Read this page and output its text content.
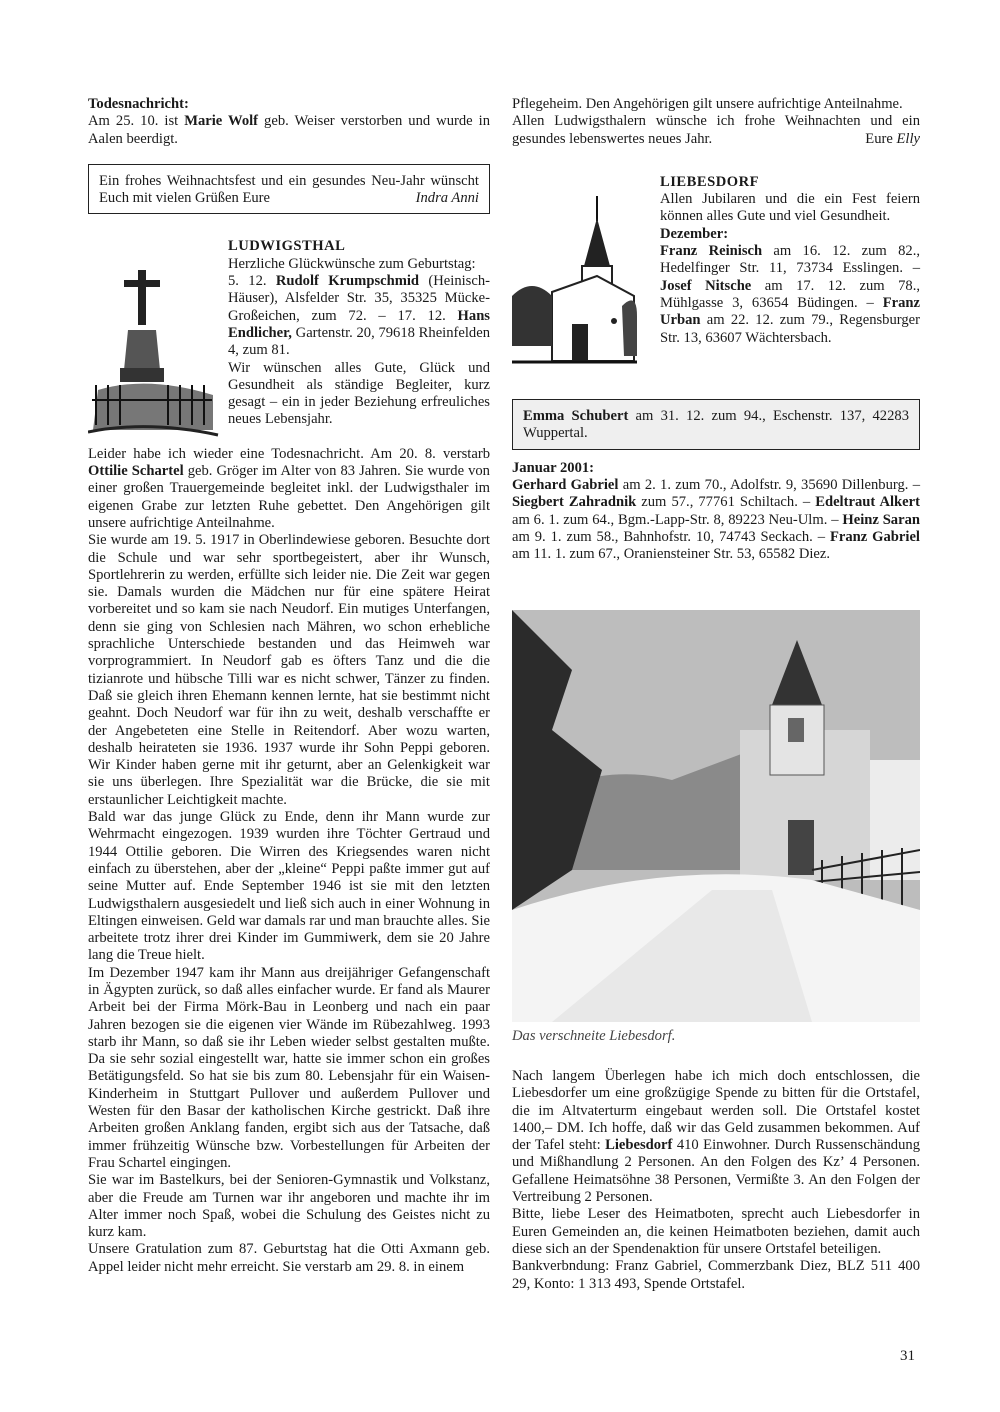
Todesnachricht:

Am 25. 10. ist Marie Wolf geb. Weiser verstorben und wurde in Aalen beerdigt.

Ein frohes Weihnachtsfest und ein gesundes Neu-Jahr wünscht Euch mit vielen Grüßen Eure	Indra Anni

LUDWIGSTHAL

Herzliche Glückwünsche zum Geburtstag:

5. 12. Rudolf Krumpschmid (Heinisch-Häuser), Alsfelder Str. 35, 35325 Mücke-Großeichen, zum 72. – 17. 12. Hans Endlicher, Gartenstr. 20, 79618 Rheinfelden 4, zum 81.

Wir wünschen alles Gute, Glück und Gesundheit als ständige Begleiter, kurz gesagt – ein in jeder Beziehung erfreuliches neues Lebensjahr.

Leider habe ich wieder eine Todesnachricht. Am 20. 8. verstarb Ottilie Schartel geb. Gröger im Alter von 83 Jahren. Sie wurde von einer großen Trauergemeinde begleitet inkl. der Ludwigsthaler im eigenen Grabe zur letzten Ruhe gebettet. Den Angehörigen gilt unsere aufrichtige Anteilnahme.

Sie wurde am 19. 5. 1917 in Oberlindewiese geboren. Besuchte dort die Schule und war sehr sportbegeistert, aber ihr Wunsch, Sportlehrerin zu werden, erfüllte sich leider nie. Die Zeit war gegen sie. Damals wurden die Mädchen nur für eine spätere Heirat vorbereitet und so kam sie nach Neudorf. Ein mutiges Unterfangen, denn sie ging von Schlesien nach Mähren, wo schon erhebliche sprachliche Unterschiede bestanden und das Heimweh war vorprogrammiert. In Neudorf gab es öfters Tanz und die die tizianrote und hübsche Tilli war es nicht schwer, Tänzer zu finden. Daß sie gleich ihren Ehemann kennen lernte, hat sie bestimmt nicht geahnt. Doch Neudorf war für ihn zu weit, deshalb verschaffte er der Angebeteten eine Stelle in Reitendorf. Aber wozu warten, deshalb heirateten sie 1936. 1937 wurde ihr Sohn Peppi geboren. Wir Kinder haben gerne mit ihr geturnt, aber an Gelenkigkeit war sie uns überlegen. Ihre Spezialität war die Brücke, die sie mit erstaunlicher Leichtigkeit machte.

Bald war das junge Glück zu Ende, denn ihr Mann wurde zur Wehrmacht eingezogen. 1939 wurden ihre Töchter Gertraud und 1944 Ottilie geboren. Die Wirren des Kriegsendes waren nicht einfach zu überstehen, aber der „kleine“ Peppi paßte immer gut auf seine Mutter auf. Ende September 1946 ist sie mit den letzten Ludwigsthalern ausgesiedelt und ließ sich auch in einer Wohnung in Eltingen einweisen. Geld war damals rar und man brauchte alles. Sie arbeitete trotz ihrer drei Kinder im Gummiwerk, dem sie 20 Jahre lang die Treue hielt.

Im Dezember 1947 kam ihr Mann aus dreijähriger Gefangenschaft in Ägypten zurück, so daß alles einfacher wurde. Er fand als Maurer Arbeit bei der Firma Mörk-Bau in Leonberg und nach ein paar Jahren bezogen sie die eigenen vier Wände im Rübezahlweg. 1993 starb ihr Mann, so daß sie ihr Leben wieder selbst gestalten mußte. Da sie sehr sozial eingestellt war, hatte sie immer schon ein großes Betätigungsfeld. So hat sie bis zum 80. Lebensjahr für ein Waisen-Kinderheim in Stuttgart Pullover und außerdem Pullover und Westen für den Basar der katholischen Kirche gestrickt. Daß ihre Arbeiten großen Anklang fanden, ergibt sich aus der Tatsache, daß immer frühzeitig Wünsche bzw. Vorbestellungen für Arbeiten der Frau Schartel eingingen.

Sie war im Bastelkurs, bei der Senioren-Gymnastik und Volkstanz, aber die Freude am Turnen war ihr angeboren und machte ihr im Alter immer noch Spaß, wobei die Schulung des Geistes nicht zu kurz kam.

Unsere Gratulation zum 87. Geburtstag hat die Otti Axmann geb. Appel leider nicht mehr erreicht. Sie verstarb am 29. 8. in einem

Pflegeheim. Den Angehörigen gilt unsere aufrichtige Anteilnahme.

Allen Ludwigsthalern wünsche ich frohe Weihnachten und ein gesundes lebenswertes neues Jahr.	Eure Elly

LIEBESDORF

Allen Jubilaren und die ein Fest feiern können alles Gute und viel Gesundheit.

Dezember:

Franz Reinisch am 16. 12. zum 82., Hedelfinger Str. 11, 73734 Esslingen. – Josef Nitsche am 17. 12. zum 78., Mühlgasse 3, 63654 Büdingen. – Franz Urban am 22. 12. zum 79., Regensburger Str. 13, 63607 Wächtersbach.

Emma Schubert am 31. 12. zum 94., Eschenstr. 137, 42283 Wuppertal.

Januar 2001:

Gerhard Gabriel am 2. 1. zum 70., Adolfstr. 9, 35690 Dillenburg. – Siegbert Zahradnik zum 57., 77761 Schiltach. – Edeltraut Alkert am 6. 1. zum 64., Bgm.-Lapp-Str. 8, 89223 Neu-Ulm. – Heinz Saran am 9. 1. zum 58., Bahnhofstr. 10, 74743 Seckach. – Franz Gabriel am 11. 1. zum 67., Oraniensteiner Str. 53, 65582 Diez.

Das verschneite Liebesdorf.

Nach langem Überlegen habe ich mich doch entschlossen, die Liebesdorfer um eine großzügige Spende zu bitten für die Ortstafel, die im Altvaterturm eingebaut werden soll. Die Ortstafel kostet 1400,– DM. Ich hoffe, daß wir das Geld zusammen bekommen. Auf der Tafel steht: Liebesdorf 410 Einwohner. Durch Russenschändung und Mißhandlung 2 Personen. An den Folgen des Kz’ 4 Personen. Gefallene Heimatsöhne 38 Personen, Vermißte 3. An den Folgen der Vertreibung 2 Personen.

Bitte, liebe Leser des Heimatboten, sprecht auch Liebesdorfer in Euren Gemeinden an, die keinen Heimatboten beziehen, damit auch diese sich an der Spendenaktion für unsere Ortstafel beteiligen.

Bankverbndung: Franz Gabriel, Commerzbank Diez, BLZ 511 400 29, Konto: 1 313 493, Spende Ortstafel.

31
